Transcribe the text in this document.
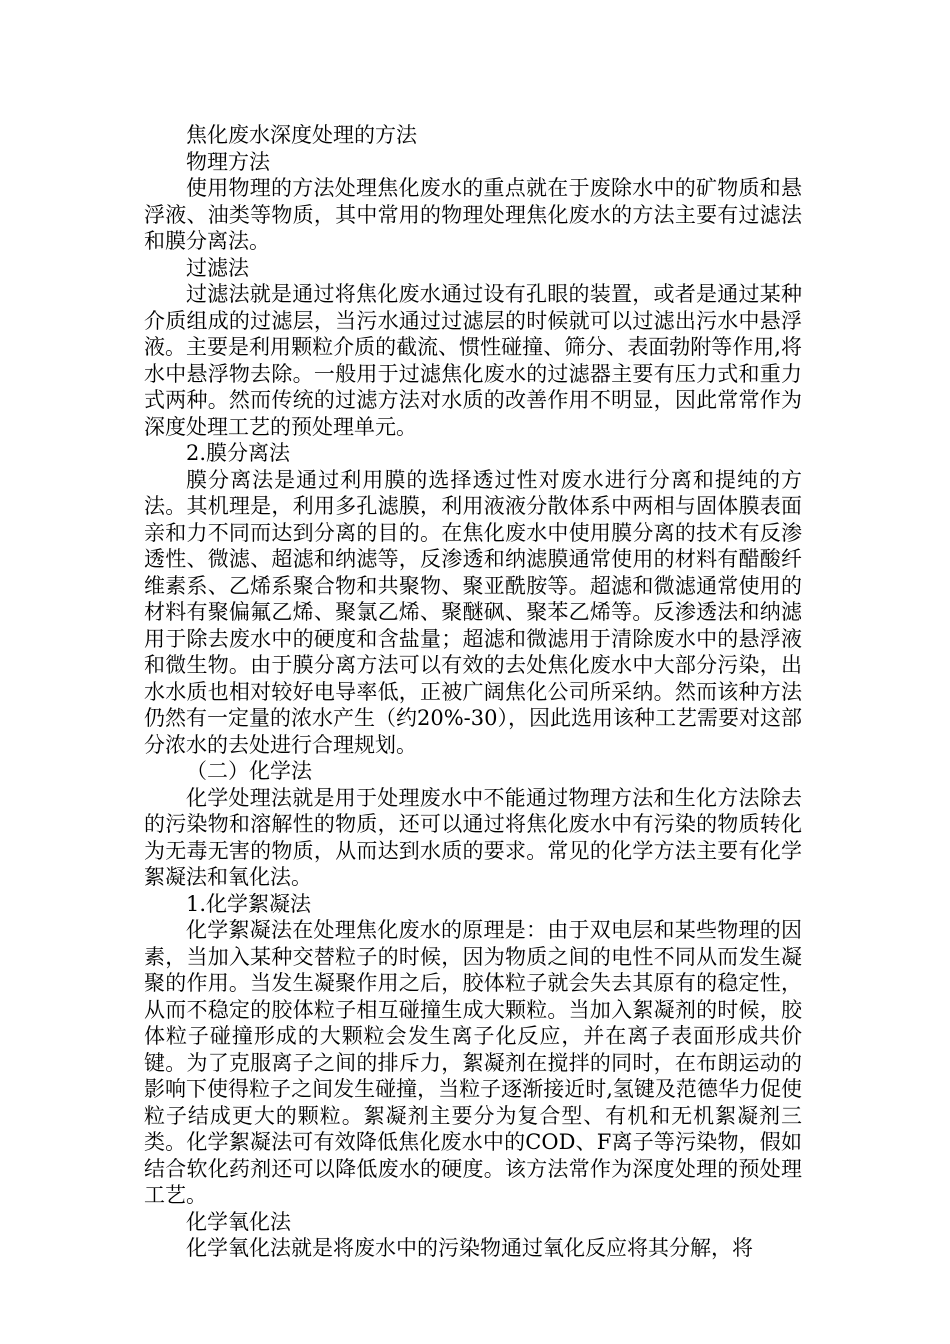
焦化废水深度处理的方法

物理方法

使用物理的方法处理焦化废水的重点就在于废除水中的矿物质和悬浮液、油类等物质，其中常用的物理处理焦化废水的方法主要有过滤法和膜分离法。

过滤法

过滤法就是通过将焦化废水通过设有孔眼的装置，或者是通过某种介质组成的过滤层，当污水通过过滤层的时候就可以过滤出污水中悬浮液。主要是利用颗粒介质的截流、惯性碰撞、筛分、表面勃附等作用,将水中悬浮物去除。一般用于过滤焦化废水的过滤器主要有压力式和重力式两种。然而传统的过滤方法对水质的改善作用不明显，因此常常作为深度处理工艺的预处理单元。

2.膜分离法

膜分离法是通过利用膜的选择透过性对废水进行分离和提纯的方法。其机理是，利用多孔滤膜，利用液液分散体系中两相与固体膜表面亲和力不同而达到分离的目的。在焦化废水中使用膜分离的技术有反渗透性、微滤、超滤和纳滤等，反渗透和纳滤膜通常使用的材料有醋酸纤维素系、乙烯系聚合物和共聚物、聚亚酰胺等。超滤和微滤通常使用的材料有聚偏氟乙烯、聚氯乙烯、聚醚砜、聚苯乙烯等。反渗透法和纳滤用于除去废水中的硬度和含盐量；超滤和微滤用于清除废水中的悬浮液和微生物。由于膜分离方法可以有效的去处焦化废水中大部分污染，出水水质也相对较好电导率低，正被广阔焦化公司所采纳。然而该种方法仍然有一定量的浓水产生（约20%-30），因此选用该种工艺需要对这部分浓水的去处进行合理规划。

（二）化学法

化学处理法就是用于处理废水中不能通过物理方法和生化方法除去的污染物和溶解性的物质，还可以通过将焦化废水中有污染的物质转化为无毒无害的物质，从而达到水质的要求。常见的化学方法主要有化学絮凝法和氧化法。

1.化学絮凝法

化学絮凝法在处理焦化废水的原理是：由于双电层和某些物理的因素，当加入某种交替粒子的时候，因为物质之间的电性不同从而发生凝聚的作用。当发生凝聚作用之后，胶体粒子就会失去其原有的稳定性，从而不稳定的胶体粒子相互碰撞生成大颗粒。当加入絮凝剂的时候，胶体粒子碰撞形成的大颗粒会发生离子化反应，并在离子表面形成共价键。为了克服离子之间的排斥力，絮凝剂在搅拌的同时，在布朗运动的影响下使得粒子之间发生碰撞，当粒子逐渐接近时,氢键及范德华力促使粒子结成更大的颗粒。絮凝剂主要分为复合型、有机和无机絮凝剂三类。化学絮凝法可有效降低焦化废水中的COD、F离子等污染物，假如结合软化药剂还可以降低废水的硬度。该方法常作为深度处理的预处理工艺。

化学氧化法

化学氧化法就是将废水中的污染物通过氧化反应将其分解，将
